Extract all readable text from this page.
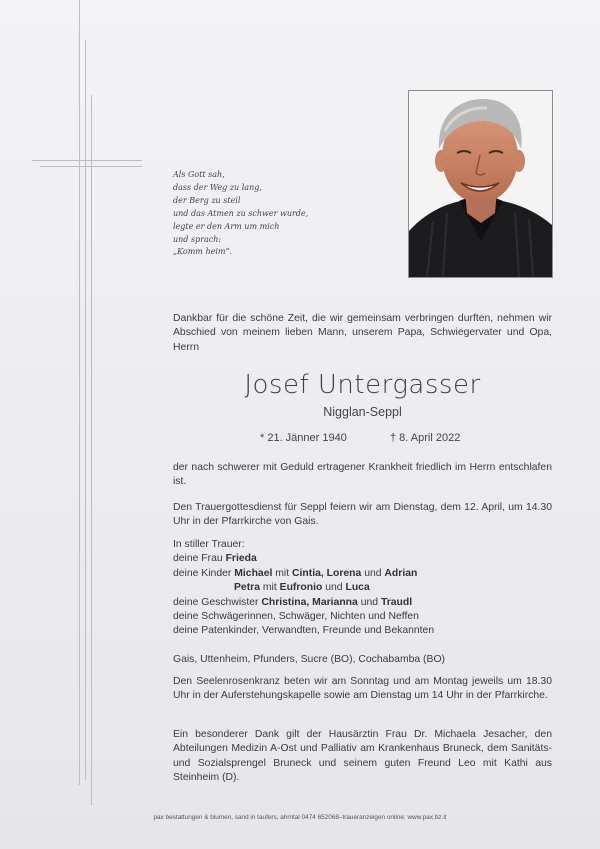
Als Gott sah,
dass der Weg zu lang,
der Berg zu steil
und das Atmen zu schwer wurde,
legte er den Arm um mich
und sprach:
„Komm heim“.
Dankbar für die schöne Zeit, die wir gemeinsam verbringen durften, nehmen wir Abschied von meinem lieben Mann, unserem Papa, Schwiegervater und Opa, Herrn
Josef Untergasser
Nigglan-Seppl
* 21. Jänner 1940	† 8. April 2022
der nach schwerer mit Geduld ertragener Krankheit friedlich im Herrn entschlafen ist.
Den Trauergottesdienst für Seppl feiern wir am Dienstag, dem 12. April, um 14.30 Uhr in der Pfarrkirche von Gais.
In stiller Trauer:
deine Frau Frieda
deine Kinder Michael mit Cintia, Lorena und Adrian
Petra mit Eufronio und Luca
deine Geschwister Christina, Marianna und Traudl
deine Schwägerinnen, Schwäger, Nichten und Neffen
deine Patenkinder, Verwandten, Freunde und Bekannten
Gais, Uttenheim, Pfunders, Sucre (BO), Cochabamba (BO)
Den Seelenrosenkranz beten wir am Sonntag und am Montag jeweils um 18.30 Uhr in der Auferstehungskapelle sowie am Dienstag um 14 Uhr in der Pfarrkirche.
Ein besonderer Dank gilt der Hausärztin Frau Dr. Michaela Jesacher, den Abteilungen Medizin A-Ost und Palliativ am Krankenhaus Bruneck, dem Sanitäts- und Sozialsprengel Bruneck und seinem guten Freund Leo mit Kathi aus Steinheim (D).
pax bestattungen & blumen, sand in taufers, ahrntal 0474 652068–traueranzeigen online: www.pax.bz.it
